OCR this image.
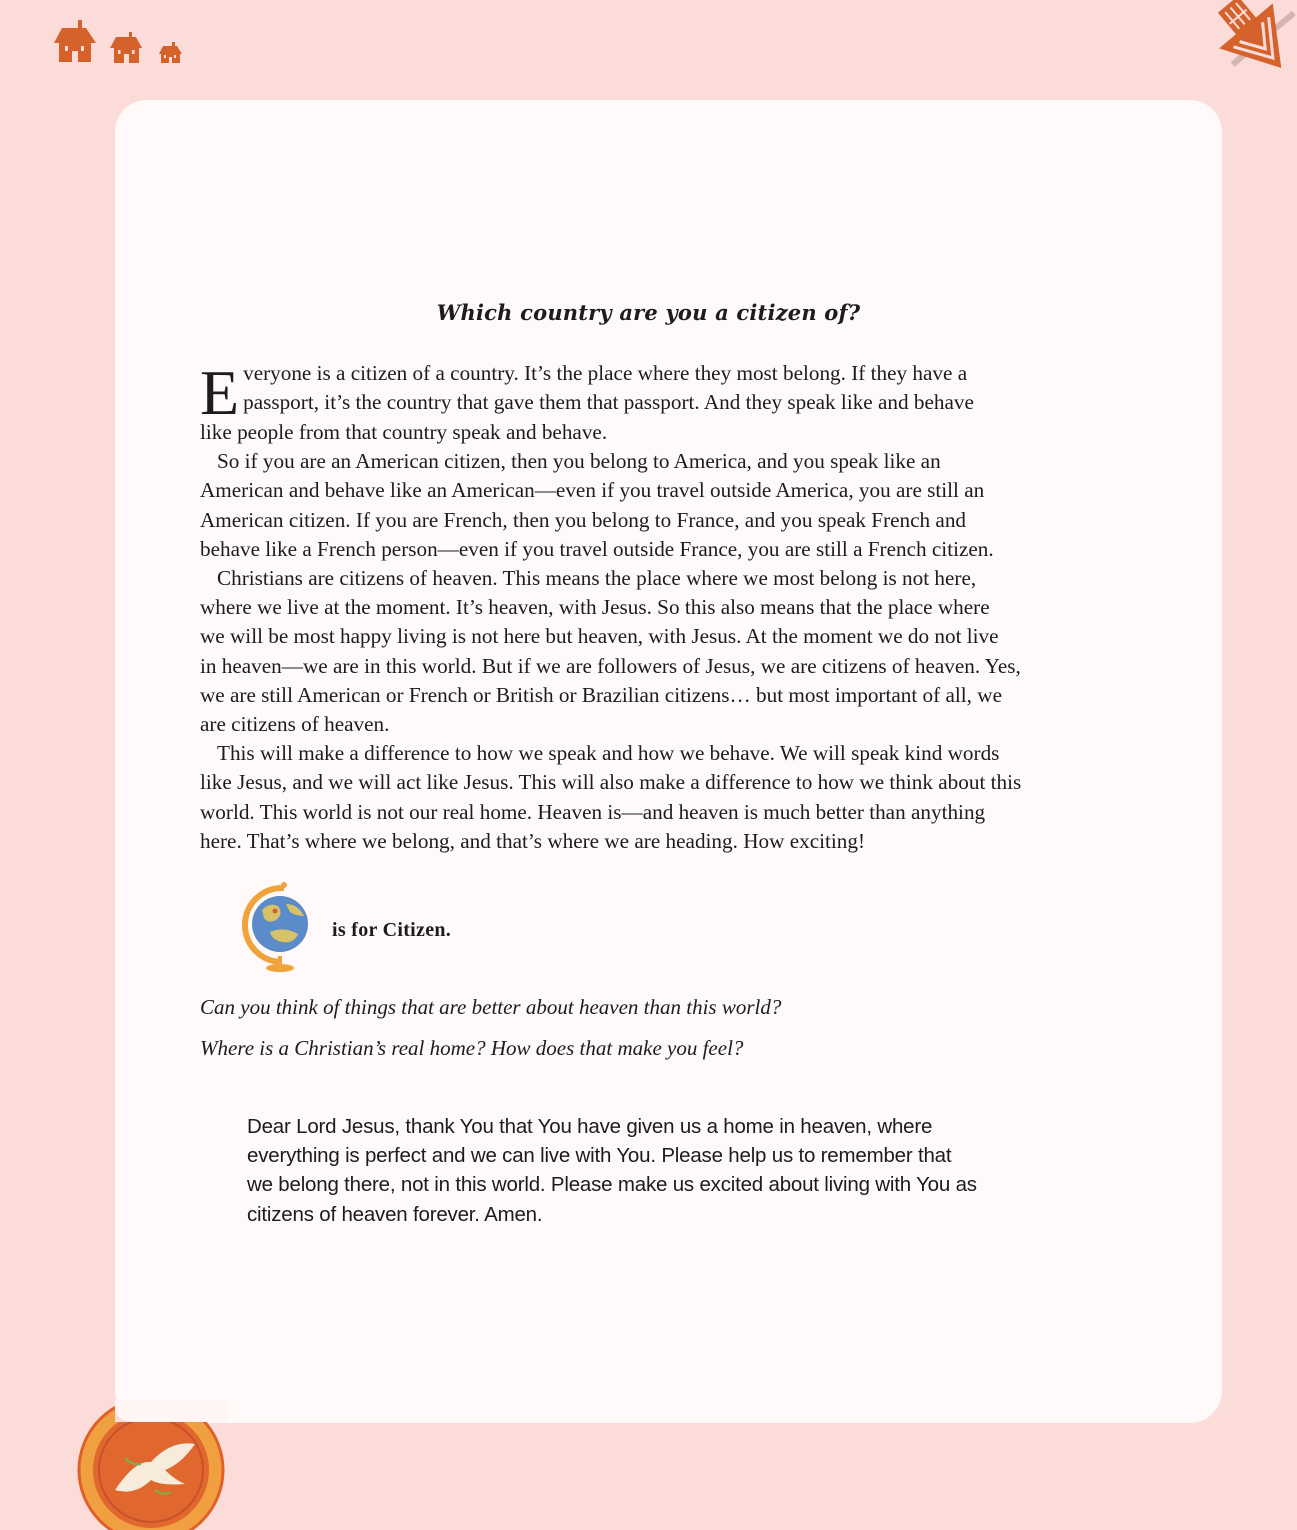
Which country are you a citizen of?

E veryone is a citizen of a country. It’s the place where they most belong. If they have a
passport, it’s the country that gave them that passport. And they speak like and behave
like people from that country speak and behave.

So if you are an American citizen, then you belong to America, and you speak like an
American and behave like an American—even if you travel outside America, you are still an
American citizen. If you are French, then you belong to France, and you speak French and
behave like a French person—even if you travel outside France, you are still a French citizen.

Christians are citizens of heaven. This means the place where we most belong is not here,
where we live at the moment. It’s heaven, with Jesus. So this also means that the place where
we will be most happy living is not here but heaven, with Jesus. At the moment we do not live
in heaven—we are in this world. But if we are followers of Jesus, we are citizens of heaven. Yes,
we are still American or French or British or Brazilian citizens… but most important of all, we
are citizens of heaven.

This will make a difference to how we speak and how we behave. We will speak kind words
like Jesus, and we will act like Jesus. This will also make a difference to how we think about this
world. This world is not our real home. Heaven is—and heaven is much better than anything
here. That’s where we belong, and that’s where we are heading. How exciting!

is for Citizen.
Can you think of things that are better about heaven than this world?
Where is a Christian’s real home? How does that make you feel?
Dear Lord Jesus, thank You that You have given us a home in heaven, where
everything is perfect and we can live with You. Please help us to remember that
we belong there, not in this world. Please make us excited about living with You as
citizens of heaven forever. Amen.
